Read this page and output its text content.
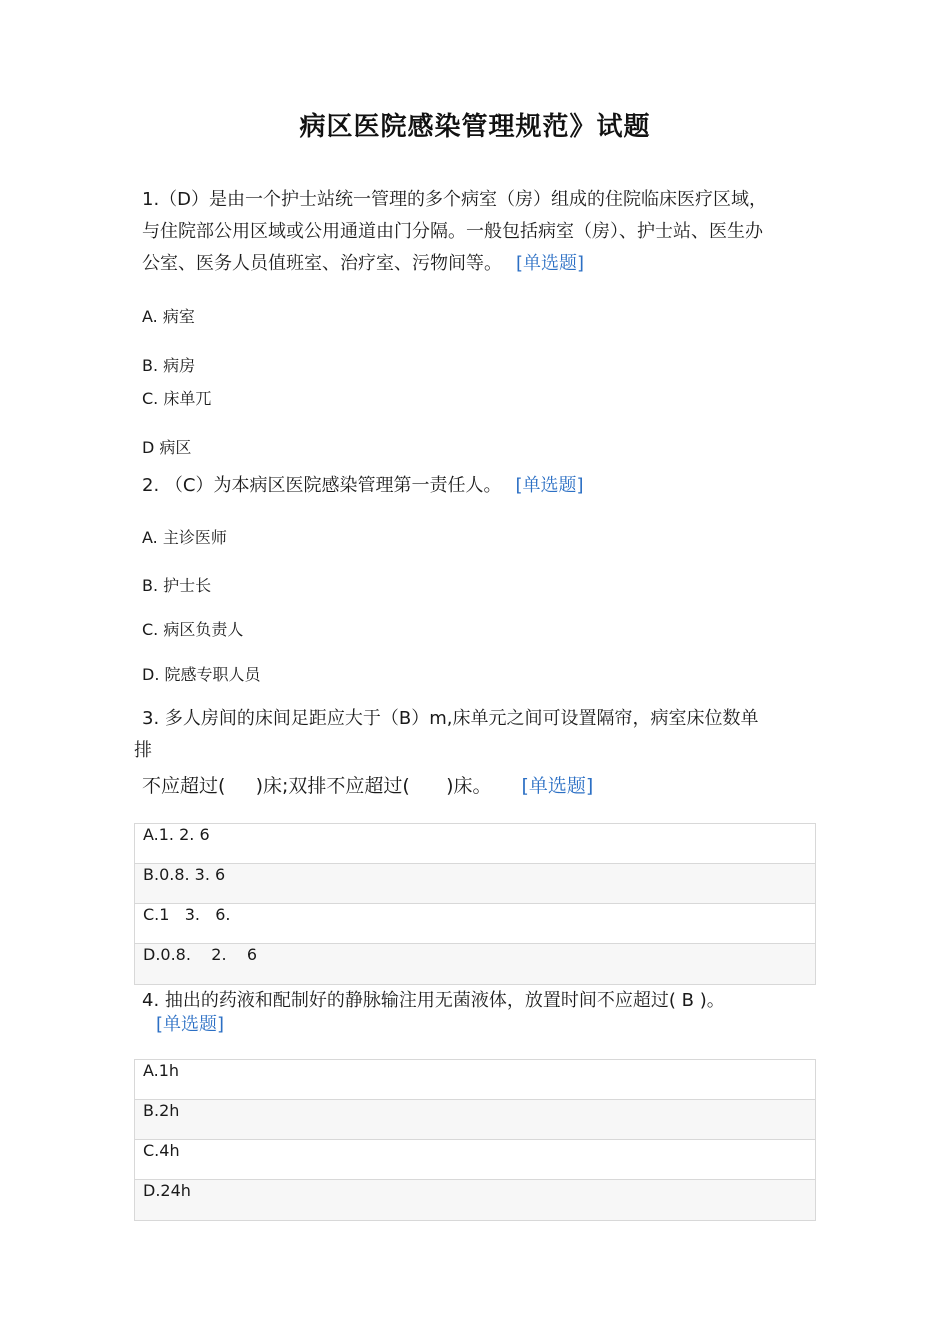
病区医院感染管理规范》试题
1.（D）是由一个护士站统一管理的多个病室（房）组成的住院临床医疗区域，
与住院部公用区域或公用通道由门分隔。一般包括病室（房）、护士站、医生办
公室、医务人员值班室、治疗室、污物间等。 [单选题]
A. 病室
B. 病房
C. 床单兀
D 病区
2. （C）为本病区医院感染管理第一责任人。 [单选题]
A. 主诊医师
B. 护士长
C. 病区负责人
D. 院感专职人员
3. 多人房间的床间足距应大于（B）m,床单元之间可设置隔帘，病室床位数单
排
不应超过(     )床;双排不应超过(      )床。 [单选题]
A.1. 2. 6
B.0.8. 3. 6
C.1   3.   6.
D.0.8.    2.    6
4. 抽出的药液和配制好的静脉输注用无菌液体，放置时间不应超过( B )。
[单选题]
A.1h
B.2h
C.4h
D.24h
